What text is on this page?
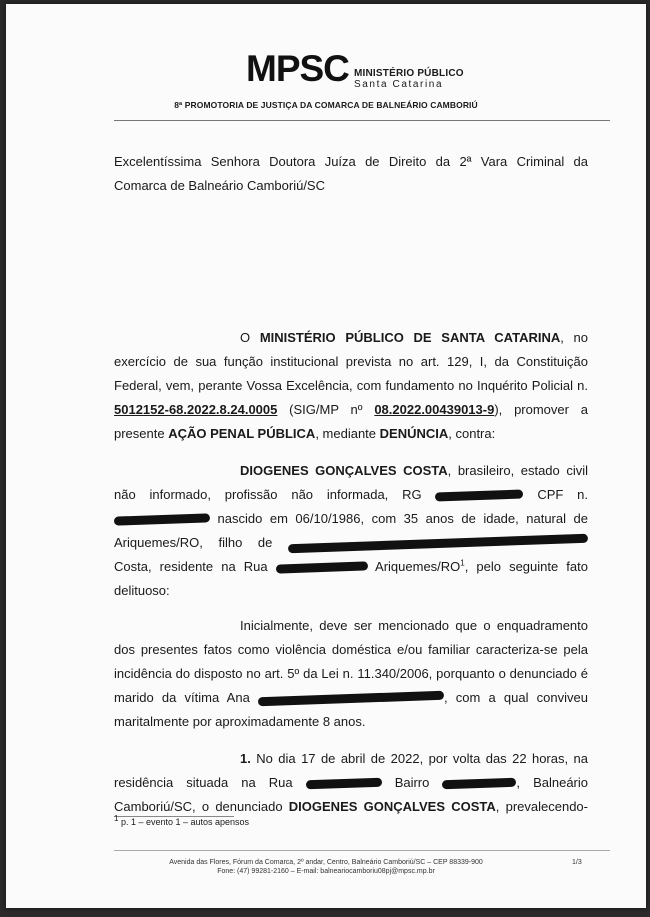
MPSC MINISTÉRIO PÚBLICO
Santa Catarina
8ª PROMOTORIA DE JUSTIÇA DA COMARCA DE BALNEÁRIO CAMBORIÚ
Excelentíssima Senhora Doutora Juíza de Direito da 2ª Vara Criminal da
Comarca de Balneário Camboriú/SC
O MINISTÉRIO PÚBLICO DE SANTA CATARINA, no
exercício de sua função institucional prevista no art. 129, I, da Constituição
Federal, vem, perante Vossa Excelência, com fundamento no Inquérito Policial n.
5012152-68.2022.8.24.0005 (SIG/MP nº 08.2022.00439013-9), promover a
presente AÇÃO PENAL PÚBLICA, mediante DENÚNCIA, contra:
DIOGENES GONÇALVES COSTA, brasileiro, estado civil
não informado, profissão não informada, RG	CPF n.
nascido em 06/10/1986, com 35 anos de idade, natural de
Ariquemes/RO, filho de
Costa, residente na Rua	Ariquemes/$RO^1$, pelo seguinte fato
delituoso:
Inicialmente, deve ser mencionado que o enquadramento
dos presentes fatos como violência doméstica e/ou familiar caracteriza-se pela
incidência do disposto no art. 5º da Lei n. 11.340/2006, porquanto o denunciado é
marido da vítima Ana	, com a qual conviveu
maritalmente por aproximadamente 8 anos.
1. No dia 17 de abril de 2022, por volta das 22 horas, na
residência situada na Rua	Bairro	, Balneário
Camboriú/SC, o denunciado DIOGENES GONÇALVES COSTA, prevalecendo-
1 p. 1 – evento 1 – autos apensos
Avenida das Flores, Fórum da Comarca, 2º andar, Centro, Balneário Camboriú/SC – CEP 88339-900
Fone: (47) 99281-2160 – E-mail: balneariocamboriu08pj@mpsc.mp.br
1/3
